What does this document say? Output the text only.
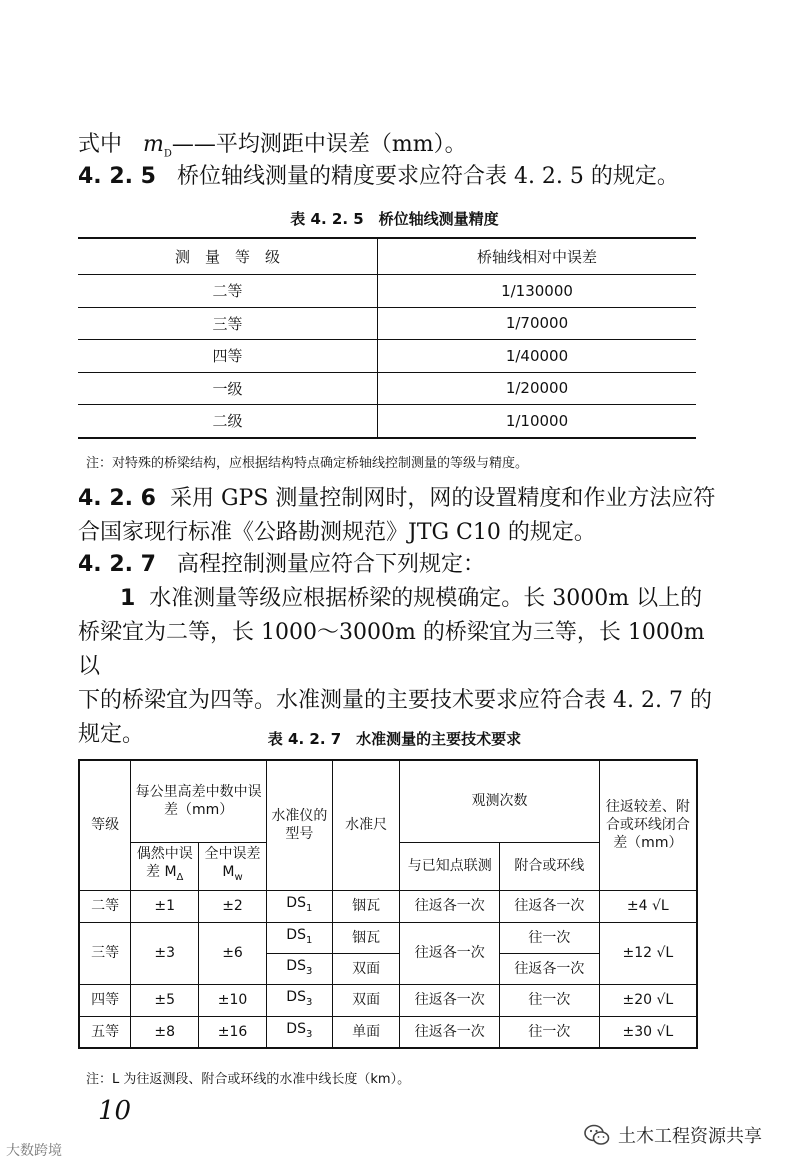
式中 $m_D——$平均测距中误差（mm）。

4. 2. 5 桥位轴线测量的精度要求应符合表 4. 2. 5 的规定。

表 4. 2. 5　桥位轴线测量精度
测　量　等　级	桥轴线相对中误差
二等	1/130000
三等	1/70000
四等	1/40000
一级	1/20000
二级	1/10000
注：对特殊的桥梁结构，应根据结构特点确定桥轴线控制测量的等级与精度。

4. 2. 6 采用 GPS 测量控制网时，网的设置精度和作业方法应符
合国家现行标准《公路勘测规范》JTG C10 的规定。

4. 2. 7 高程控制测量应符合下列规定：

1 水准测量等级应根据桥梁的规模确定。长 3000m 以上的
桥梁宜为二等，长 1000～3000m 的桥梁宜为三等，长 1000m 以
下的桥梁宜为四等。水准测量的主要技术要求应符合表 4. 2. 7 的
规定。	表 4. 2. 7　水准测量的主要技术要求
等级	每公里高差中数中误差（mm）		水准仪的型号	水准尺	观测次数		往返较差、附合或环线闭合差（mm）
	偶然中误差 $M_\Delta$	全中误差 $M_w$			与已知点联测	附合或环线	
二等	±1	±2	$DS_1$	铟瓦	往返各一次	往返各一次	±4 √L
三等	±3	±6	$DS_1$	铟瓦	往返各一次	往一次	±12 √L
			$DS_3$	双面		往返各一次	
四等	±5	±10	$DS_3$	双面	往返各一次	往一次	±20 √L
五等	±8	±16	$DS_3$	单面	往返各一次	往一次	±30 √L
注：L 为往返测段、附合或环线的水准中线长度（km）。
10
大数跨境
土木工程资源共享
